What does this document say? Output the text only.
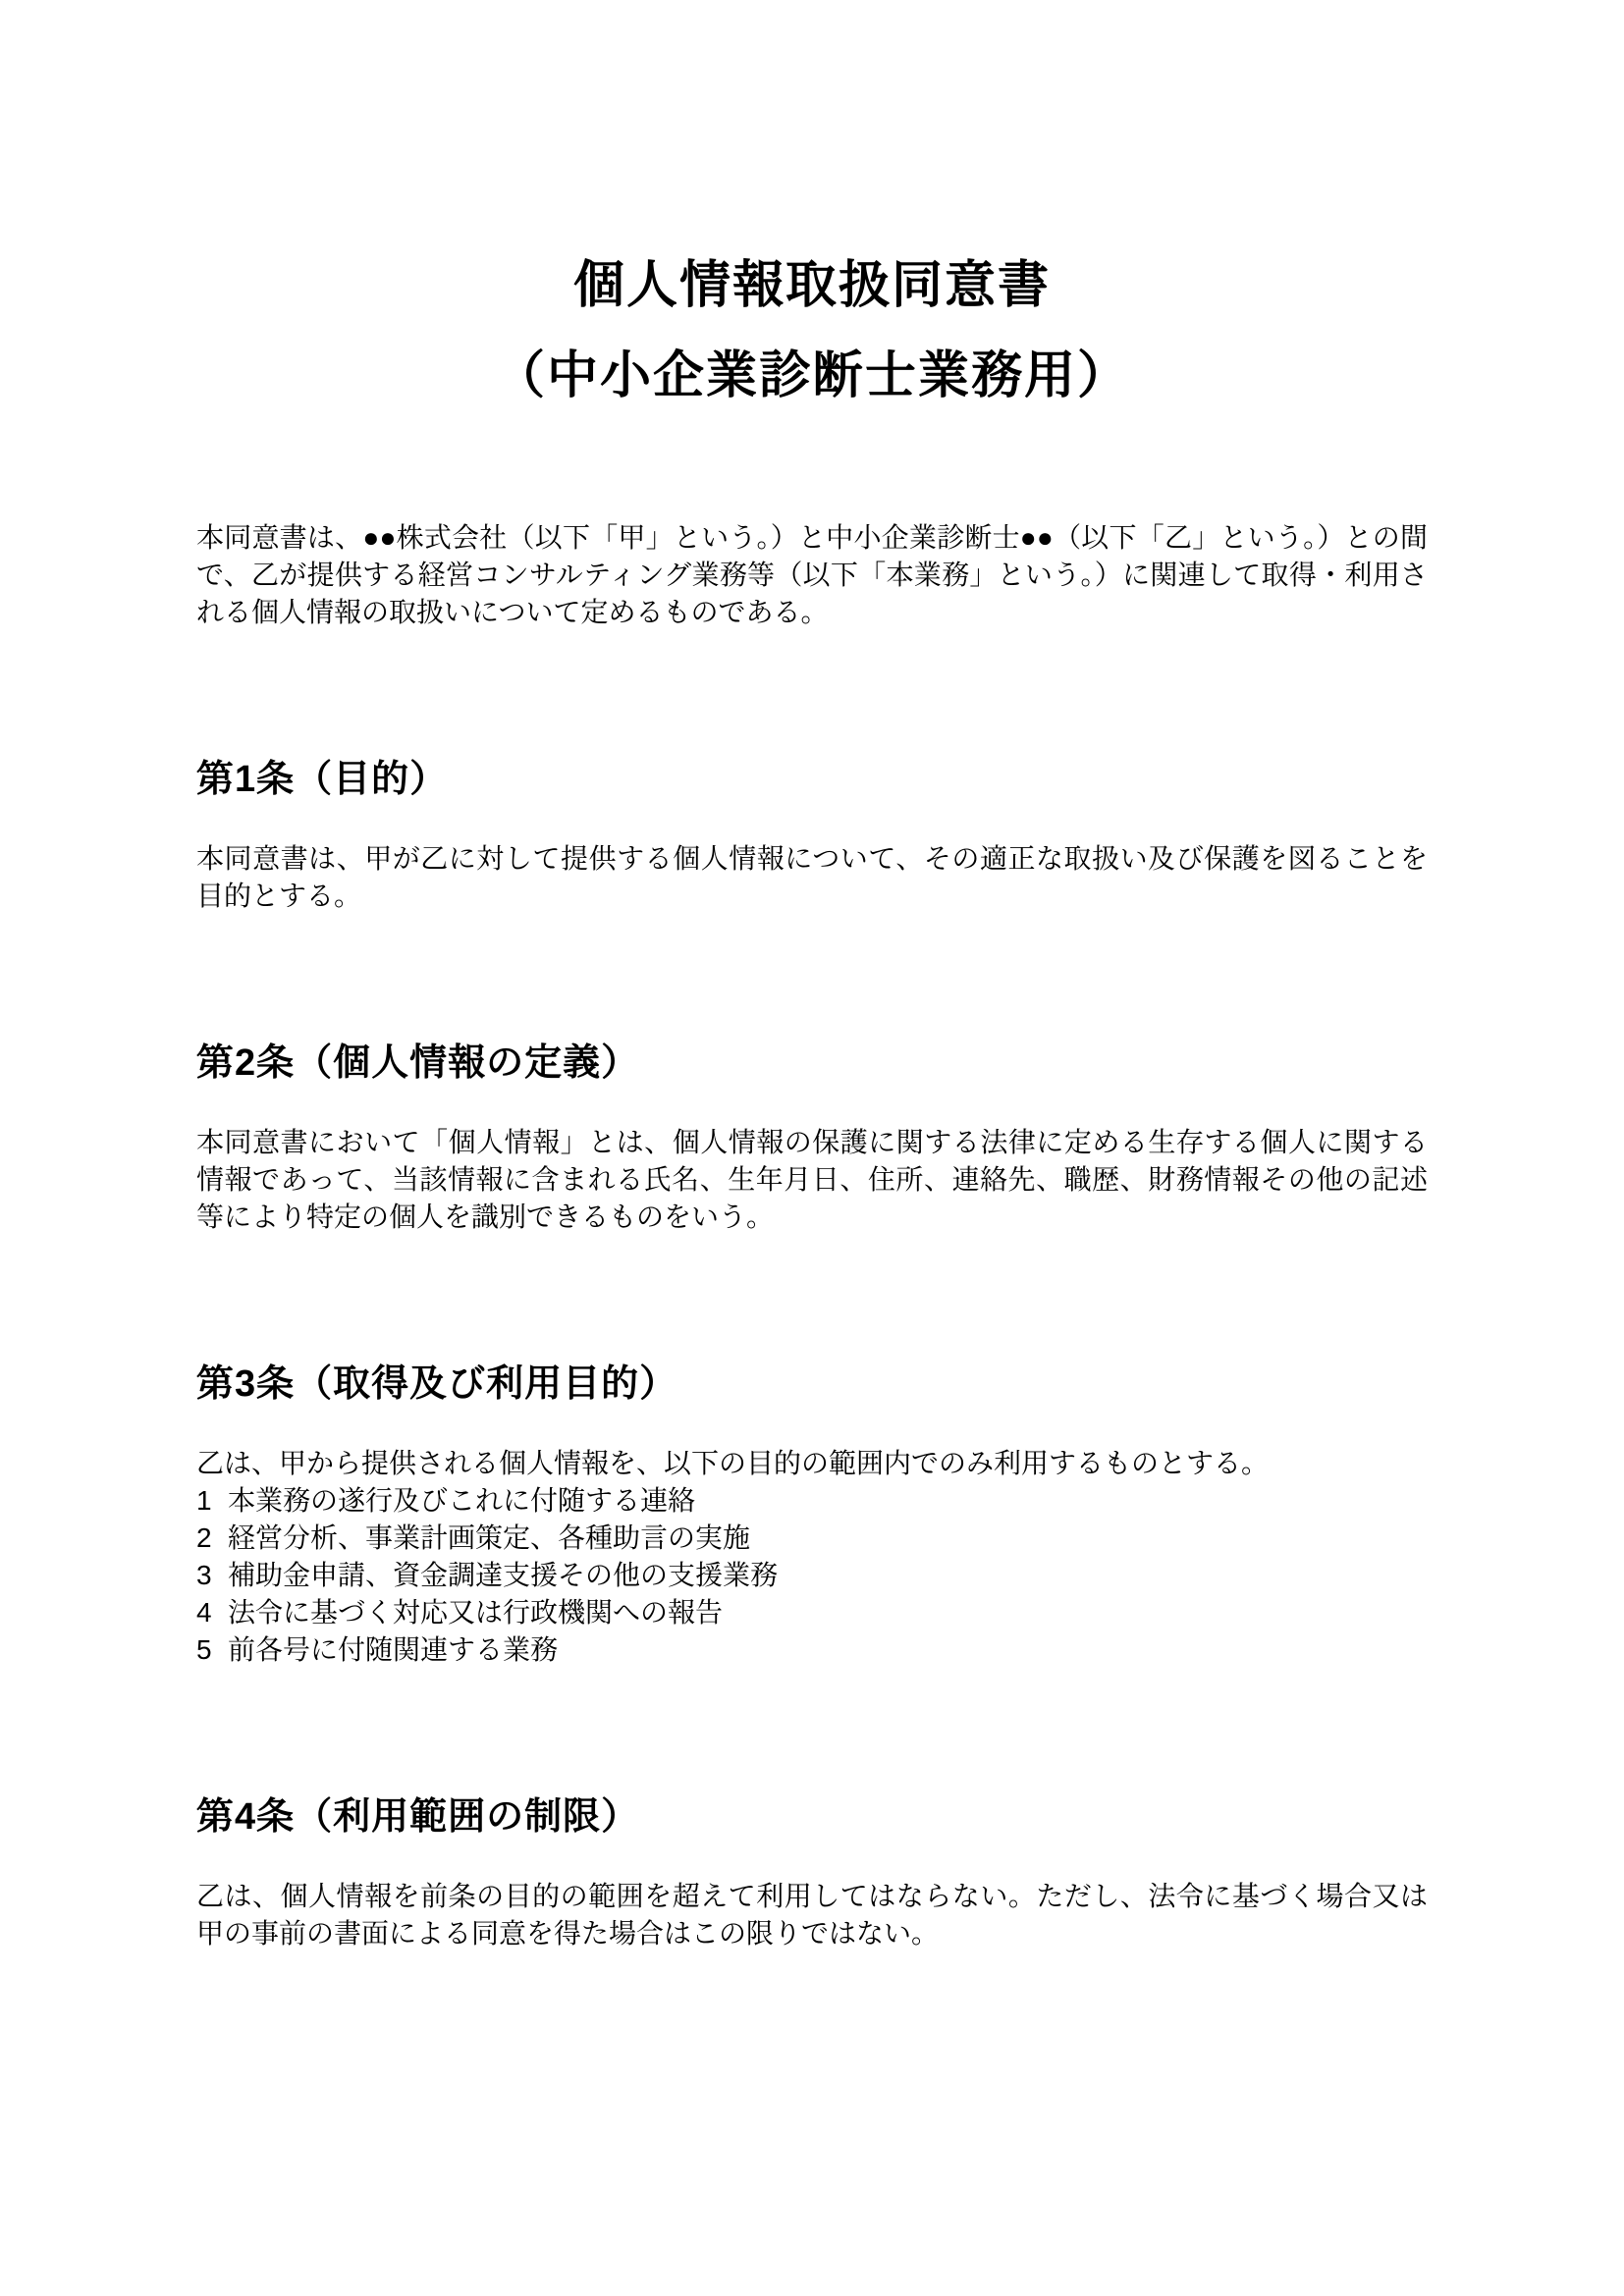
個人情報取扱同意書
（中小企業診断士業務用）

本同意書は、●●株式会社（以下「甲」という。）と中小企業診断士●●（以下「乙」という。）との間で、乙が提供する経営コンサルティング業務等（以下「本業務」という。）に関連して取得・利用される個人情報の取扱いについて定めるものである。

第1条（目的）

本同意書は、甲が乙に対して提供する個人情報について、その適正な取扱い及び保護を図ることを目的とする。

第2条（個人情報の定義）

本同意書において「個人情報」とは、個人情報の保護に関する法律に定める生存する個人に関する情報であって、当該情報に含まれる氏名、生年月日、住所、連絡先、職歴、財務情報その他の記述等により特定の個人を識別できるものをいう。

第3条（取得及び利用目的）

乙は、甲から提供される個人情報を、以下の目的の範囲内でのみ利用するものとする。

1 本業務の遂行及びこれに付随する連絡
2 経営分析、事業計画策定、各種助言の実施
3 補助金申請、資金調達支援その他の支援業務
4 法令に基づく対応又は行政機関への報告
5 前各号に付随関連する業務
第4条（利用範囲の制限）

乙は、個人情報を前条の目的の範囲を超えて利用してはならない。ただし、法令に基づく場合又は甲の事前の書面による同意を得た場合はこの限りではない。
